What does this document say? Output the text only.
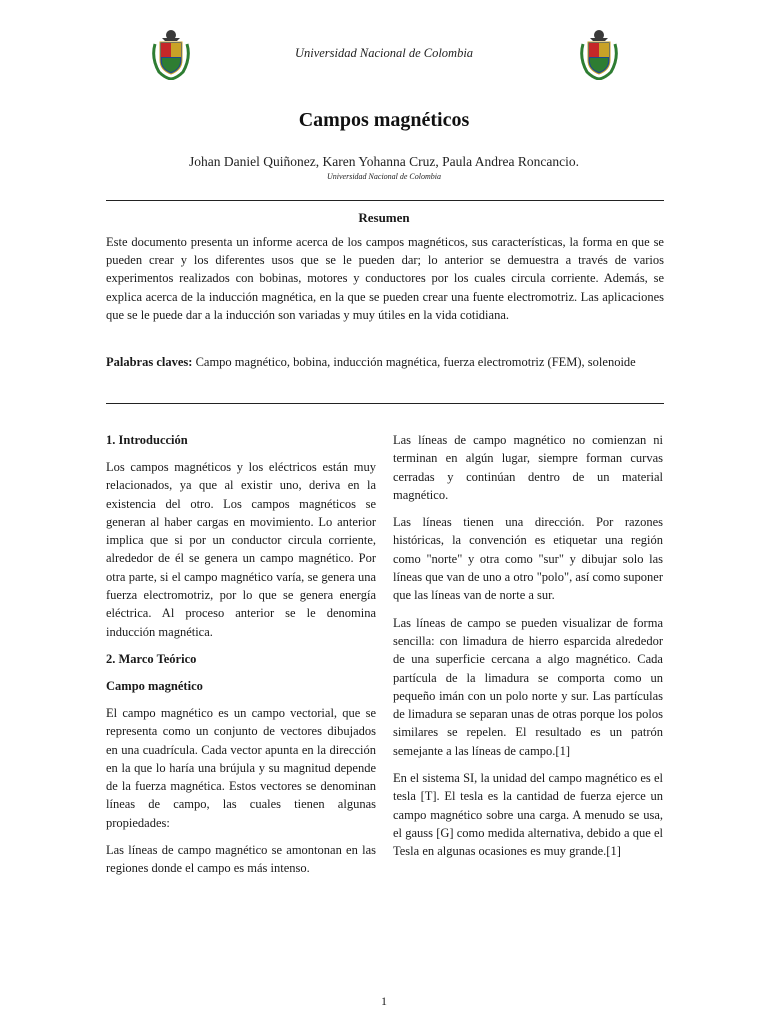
Universidad Nacional de Colombia
Campos magnéticos
Johan Daniel Quiñonez, Karen Yohanna Cruz, Paula Andrea Roncancio.
Universidad Nacional de Colombia
Resumen

Este documento presenta un informe acerca de los campos magnéticos, sus características, la forma en que se pueden crear y los diferentes usos que se le pueden dar; lo anterior se demuestra a través de varios experimentos realizados con bobinas, motores y conductores por los cuales circula corriente. Además, se explica acerca de la inducción magnética, en la que se pueden crear una fuente electromotriz. Las aplicaciones que se le puede dar a la inducción son variadas y muy útiles en la vida cotidiana.

Palabras claves: Campo magnético, bobina, inducción magnética, fuerza electromotriz (FEM), solenoide

1. Introducción

Los campos magnéticos y los eléctricos están muy relacionados, ya que al existir uno, deriva en la existencia del otro. Los campos magnéticos se generan al haber cargas en movimiento. Lo anterior implica que si por un conductor circula corriente, alrededor de él se genera un campo magnético. Por otra parte, si el campo magnético varía, se genera una fuerza electromotriz, por lo que se genera energía eléctrica. Al proceso anterior se le denomina inducción magnética.

2. Marco Teórico
Campo magnético

El campo magnético es un campo vectorial, que se representa como un conjunto de vectores dibujados en una cuadrícula. Cada vector apunta en la dirección en la que lo haría una brújula y su magnitud depende de la fuerza magnética. Estos vectores se denominan líneas de campo, las cuales tienen algunas propiedades:

Las líneas de campo magnético se amontonan en las regiones donde el campo es más intenso.

Las líneas de campo magnético no comienzan ni terminan en algún lugar, siempre forman curvas cerradas y continúan dentro de un material magnético.

Las líneas tienen una dirección. Por razones históricas, la convención es etiquetar una región como "norte" y otra como "sur" y dibujar solo las líneas que van de uno a otro "polo", así como suponer que las líneas van de norte a sur.

Las líneas de campo se pueden visualizar de forma sencilla: con limadura de hierro esparcida alrededor de una superficie cercana a algo magnético. Cada partícula de la limadura se comporta como un pequeño imán con un polo norte y sur. Las partículas de limadura se separan unas de otras porque los polos similares se repelen. El resultado es un patrón semejante a las líneas de campo.[1]

En el sistema SI, la unidad del campo magnético es el tesla [T]. El tesla es la cantidad de fuerza ejerce un campo magnético sobre una carga. A menudo se usa, el gauss [G] como medida alternativa, debido a que el Tesla en algunas ocasiones es muy grande.[1]

1
